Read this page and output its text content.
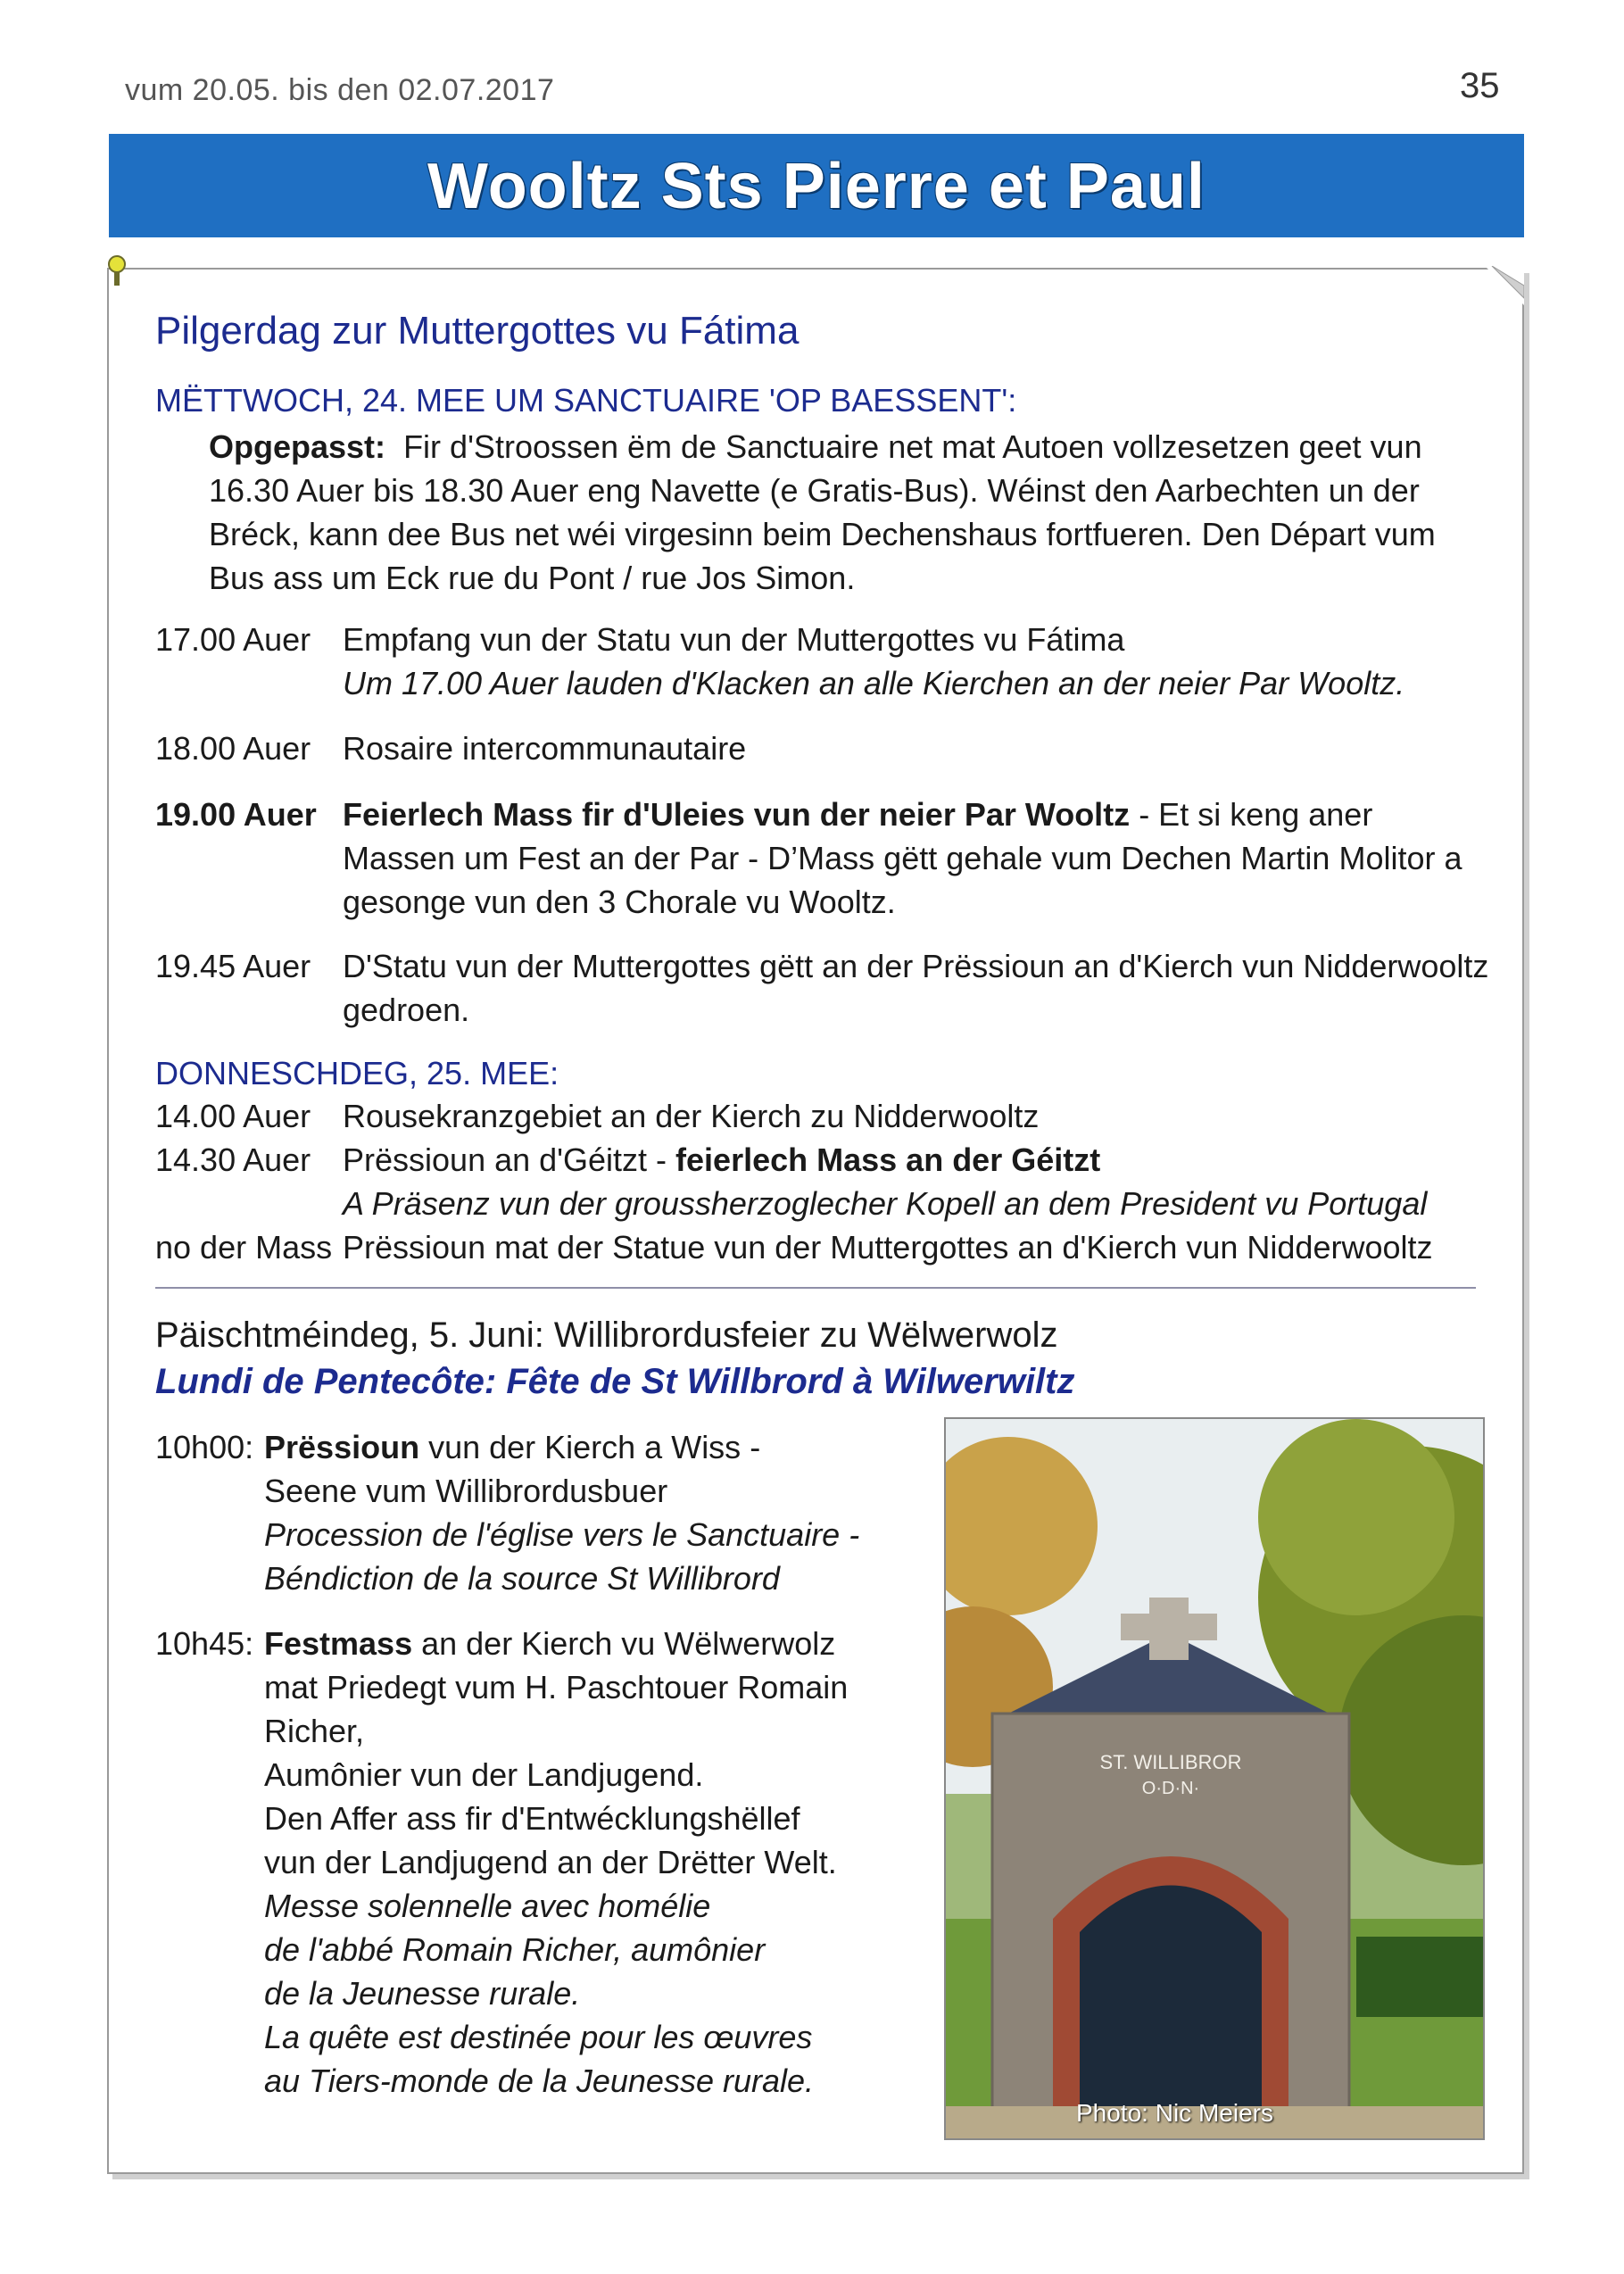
vum 20.05. bis den 02.07.2017	35
Wooltz Sts Pierre et Paul
Pilgerdag zur Muttergottes vu Fátima
MËTTWOCH, 24. MEE UM SANCTUAIRE 'OP BAESSENT':
Opgepasst: Fir d'Stroossen ëm de Sanctuaire net mat Autoen vollzesetzen geet vun 16.30 Auer bis 18.30 Auer eng Navette (e Gratis-Bus). Wéinst den Aarbechten un der Bréck, kann dee Bus net wéi virgesinn beim Dechenshaus fortfueren. Den Départ vum Bus ass um Eck rue du Pont / rue Jos Simon.
17.00 Auer Empfang vun der Statu vun der Muttergottes vu Fátima
Um 17.00 Auer lauden d'Klacken an alle Kierchen an der neier Par Wooltz.
18.00 Auer Rosaire intercommunautaire
19.00 Auer Feierlech Mass fir d'Uleies vun der neier Par Wooltz - Et si keng aner Massen um Fest an der Par - D’Mass gëtt gehale vum Dechen Martin Molitor a gesonge vun den 3 Chorale vu Wooltz.
19.45 Auer D'Statu vun der Muttergottes gëtt an der Prëssioun an d'Kierch vun Nidderwooltz gedroen.
DONNESCHDEG, 25. MEE:
14.00 Auer Rousekranzgebiet an der Kierch zu Nidderwooltz
14.30 Auer Prëssioun an d'Géitzt - feierlech Mass an der Géitzt
A Präsenz vun der groussherzoglecher Kopell an dem President vu Portugal
no der Mass Prëssioun mat der Statue vun der Muttergottes an d'Kierch vun Nidderwooltz
Päischtméindeg, 5. Juni: Willibrordusfeier zu Wëlwerwolz
Lundi de Pentecôte: Fête de St Willbrord à Wilwerwiltz
10h00: Prëssioun vun der Kierch a Wiss -
Seene vum Willibrordusbuer
Procession de l'église vers le Sanctuaire -
Béndiction de la source St Willibrord
10h45: Festmass an der Kierch vu Wëlwerwolz
mat Priedegt vum H. Paschtouer Romain Richer,
Aumônier vun der Landjugend.
Den Affer ass fir d'Entwécklungshëllef
vun der Landjugend an der Drëtter Welt.
Messe solennelle avec homélie
de l'abbé Romain Richer, aumônier
de la Jeunesse rurale.
La quête est destinée pour les œuvres
au Tiers-monde de la Jeunesse rurale.
ST. WILLIBROR
O·D·N·
Photo: Nic Meiers
